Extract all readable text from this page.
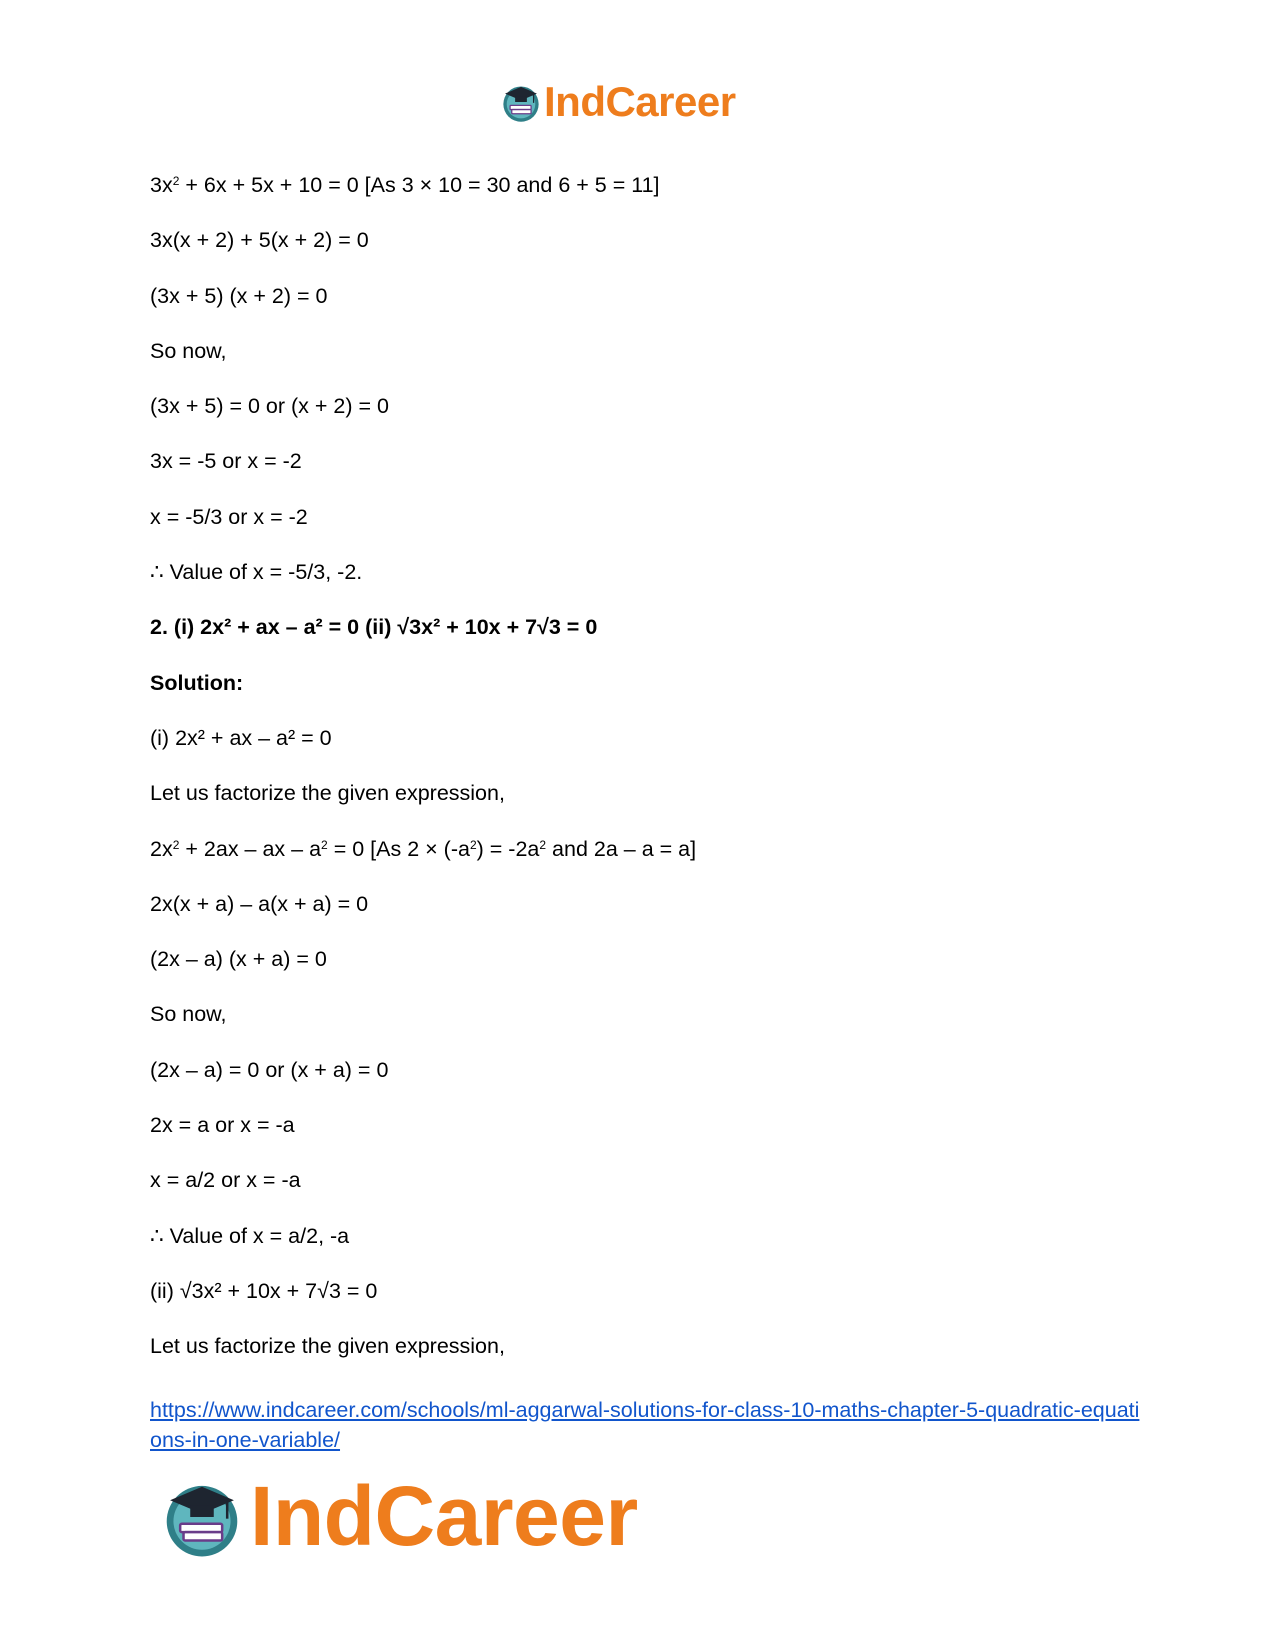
IndCareer

$3x^2 + 6x + 5x + 10 = 0$ [As 3 × 10 = 30 and 6 + 5 = 11]

3x(x + 2) + 5(x + 2) = 0

(3x + 5) (x + 2) = 0

So now,

(3x + 5) = 0 or (x + 2) = 0

3x = -5 or x = -2

x = -5/3 or x = -2

∴ Value of x = -5/3, -2.

2. (i) 2x² + ax – a² = 0 (ii) √3x² + 10x + 7√3 = 0

Solution:

(i) 2x² + ax – a² = 0

Let us factorize the given expression,

$2x^2 + 2ax$ – ax – $a^2 = 0$ [As $2 \times (-a^2) = -2a^2$ and 2a – a = a]

2x(x + a) – a(x + a) = 0

(2x – a) (x + a) = 0

So now,

(2x – a) = 0 or (x + a) = 0

2x = a or x = -a

x = a/2 or x = -a

∴ Value of x = a/2, -a

(ii) √3x² + 10x + 7√3 = 0

Let us factorize the given expression,

https://www.indcareer.com/schools/ml-aggarwal-solutions-for-class-10-maths-chapter-5-quadratic-equations-in-one-variable/
IndCareer
